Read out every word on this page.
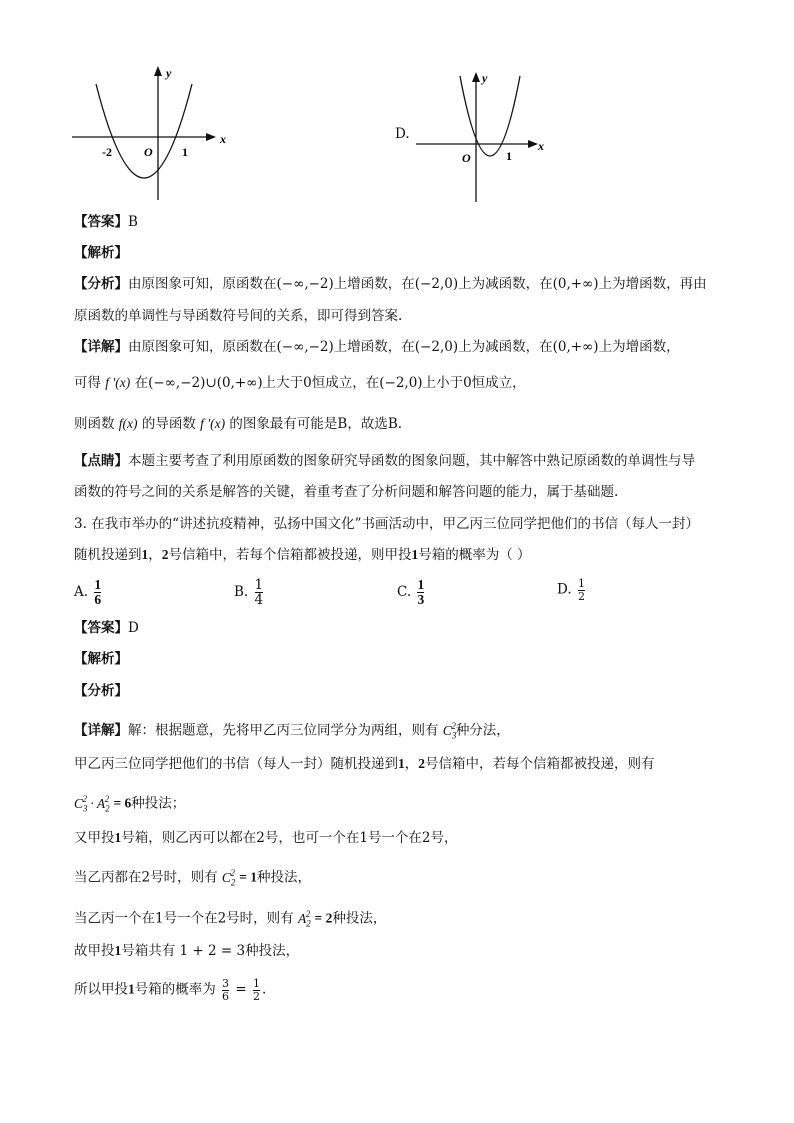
y
x
O
-2	1
D.
y
x
O	1
【答案】B
【解析】
【分析】由原图象可知，原函数在(−∞,−2)上增函数，在(−2,0)上为减函数，在(0,+∞)上为增函数，再由
原函数的单调性与导函数符号间的关系，即可得到答案.
【详解】由原图象可知，原函数在(−∞,−2)上增函数，在(−2,0)上为减函数，在(0,+∞)上为增函数，
可得 f '(x) 在(−∞,−2)∪(0,+∞)上大于0恒成立，在(−2,0)上小于0恒成立，
则函数 f(x) 的导函数 f '(x) 的图象最有可能是B，故选B.
【点睛】本题主要考查了利用原函数的图象研究导函数的图象问题，其中解答中熟记原函数的单调性与导
函数的符号之间的关系是解答的关键，着重考查了分析问题和解答问题的能力，属于基础题.
3. 在我市举办的“讲述抗疫精神，弘扬中国文化”书画活动中，甲乙丙三位同学把他们的书信（每人一封）
随机投递到1，2号信箱中，若每个信箱都被投递，则甲投1号箱的概率为（ ）
A. $\frac{1}{6}$	B. $\frac{1}{4}$	C. $\frac{1}{3}$	D. $\frac{1}{2}$
【答案】D
【解析】
【分析】
【详解】解：根据题意，先将甲乙丙三位同学分为两组，则有 $C_3^2$种分法，
甲乙丙三位同学把他们的书信（每人一封）随机投递到1，2号信箱中，若每个信箱都被投递，则有
$C_3^2 \cdot A_2^2 = 6$种投法；
又甲投1号箱，则乙丙可以都在2号，也可一个在1号一个在2号，
当乙丙都在2号时，则有 $C_2^2 = 1$种投法，
当乙丙一个在1号一个在2号时，则有 $A_2^2 = 2$种投法，
故甲投1号箱共有 1 + 2 = 3种投法，
所以甲投1号箱的概率为 $\frac{3}{6} = \frac{1}{2}$ .
